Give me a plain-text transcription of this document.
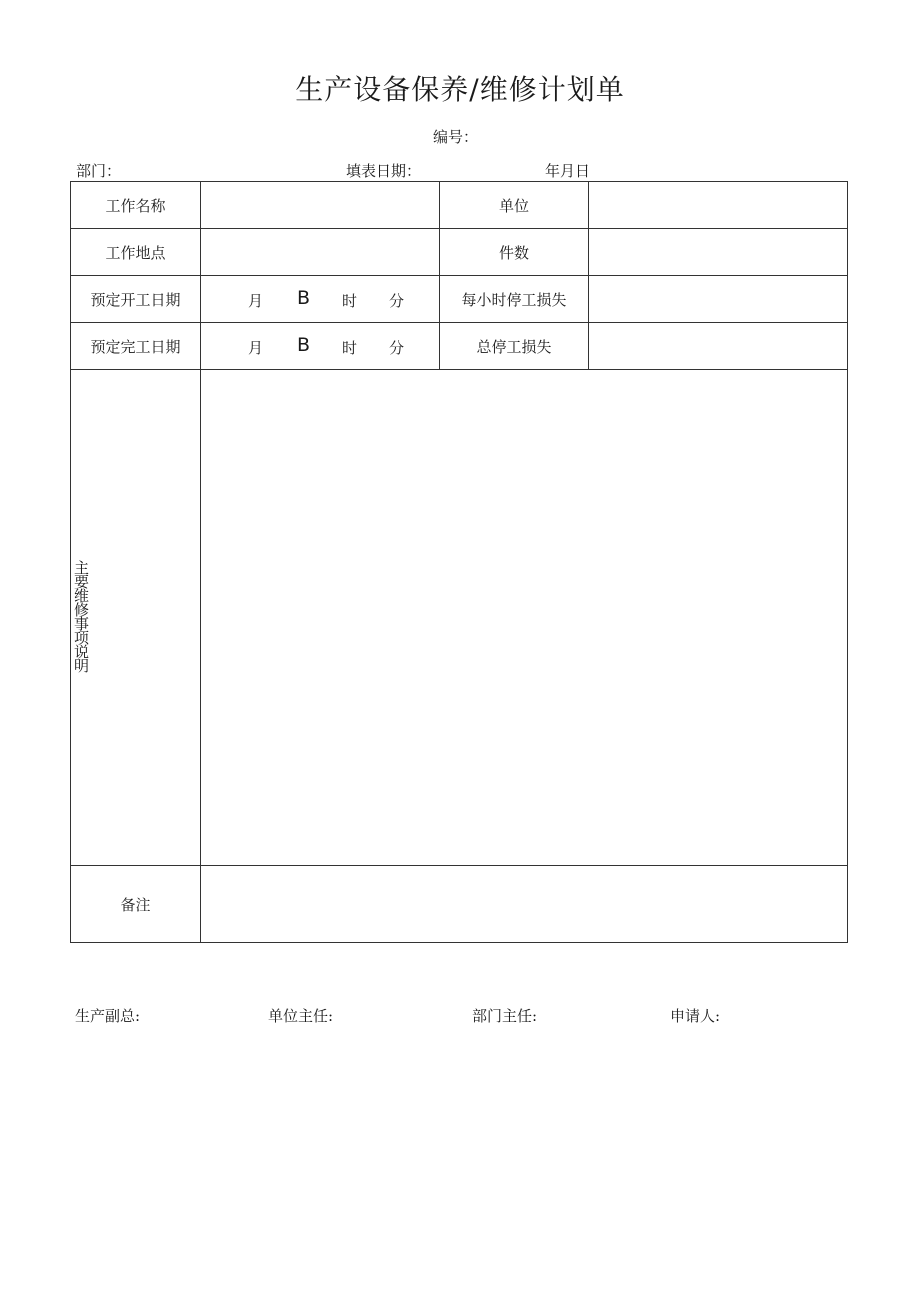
生产设备保养/维修计划单
编号：
部门：	填表日期：	年月日
工作名称		单位	
工作地点		件数	
预定开工日期	月 B 时 分	每小时停工损失	
预定完工日期	月 B 时 分	总停工损失	
主要维修事项说明			
备注			
生产副总:	单位主任:	部门主任:	申请人:
